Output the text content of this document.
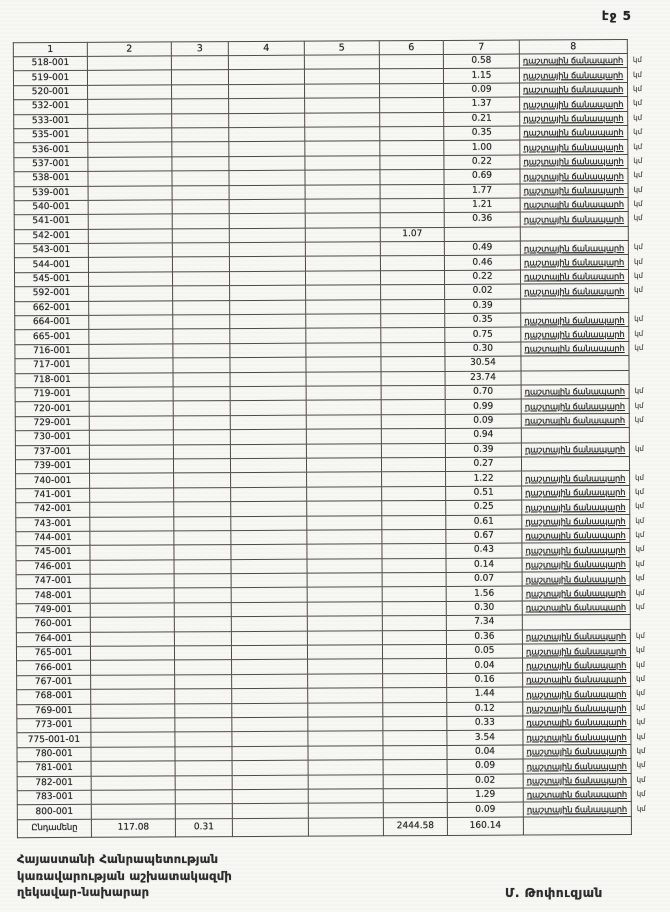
էջ 5
1	2	3	4	5	6	7	8	
518-001						0.58	դաշտային ճանապարհ	կմ
519-001						1.15	դաշտային ճանապարհ	կմ
520-001						0.09	դաշտային ճանապարհ	կմ
532-001						1.37	դաշտային ճանապարհ	կմ
533-001						0.21	դաշտային ճանապարհ	կմ
535-001						0.35	դաշտային ճանապարհ	կմ
536-001						1.00	դաշտային ճանապարհ	կմ
537-001						0.22	դաշտային ճանապարհ	կմ
538-001						0.69	դաշտային ճանապարհ	կմ
539-001						1.77	դաշտային ճանապարհ	կմ
540-001						1.21	դաշտային ճանապարհ	կմ
541-001						0.36	դաշտային ճանապարհ	կմ
542-001					1.07			
543-001						0.49	դաշտային ճանապարհ	կմ
544-001						0.46	դաշտային ճանապարհ	կմ
545-001						0.22	դաշտային ճանապարհ	կմ
592-001						0.02	դաշտային ճանապարհ	կմ
662-001						0.39		
664-001						0.35	դաշտային ճանապարհ	կմ
665-001						0.75	դաշտային ճանապարհ	կմ
716-001						0.30	դաշտային ճանապարհ	կմ
717-001						30.54		
718-001						23.74		
719-001						0.70	դաշտային ճանապարհ	կմ
720-001						0.99	դաշտային ճանապարհ	կմ
729-001						0.09	դաշտային ճանապարհ	կմ
730-001						0.94		
737-001						0.39	դաշտային ճանապարհ	կմ
739-001						0.27		
740-001						1.22	դաշտային ճանապարհ	կմ
741-001						0.51	դաշտային ճանապարհ	կմ
742-001						0.25	դաշտային ճանապարհ	կմ
743-001						0.61	դաշտային ճանապարհ	կմ
744-001						0.67	դաշտային ճանապարհ	կմ
745-001						0.43	դաշտային ճանապարհ	կմ
746-001						0.14	դաշտային ճանապարհ	կմ
747-001						0.07	դաշտային ճանապարհ	կմ
748-001						1.56	դաշտային ճանապարհ	կմ
749-001						0.30	դաշտային ճանապարհ	կմ
760-001						7.34		
764-001						0.36	դաշտային ճանապարհ	կմ
765-001						0.05	դաշտային ճանապարհ	կմ
766-001						0.04	դաշտային ճանապարհ	կմ
767-001						0.16	դաշտային ճանապարհ	կմ
768-001						1.44	դաշտային ճանապարհ	կմ
769-001						0.12	դաշտային ճանապարհ	կմ
773-001						0.33	դաշտային ճանապարհ	կմ
775-001-01						3.54	դաշտային ճանապարհ	կմ
780-001						0.04	դաշտային ճանապարհ	կմ
781-001						0.09	դաշտային ճանապարհ	կմ
782-001						0.02	դաշտային ճանապարհ	կմ
783-001						1.29	դաշտային ճանապարհ	կմ
800-001						0.09	դաշտային ճանապարհ	կմ
Ընդամենը	117.08	0.31			2444.58	160.14		
Հայաստանի Հանրապետության
կառավարության աշխատակազմի
ղեկավար-նախարար	Մ. Թոփուզյան
